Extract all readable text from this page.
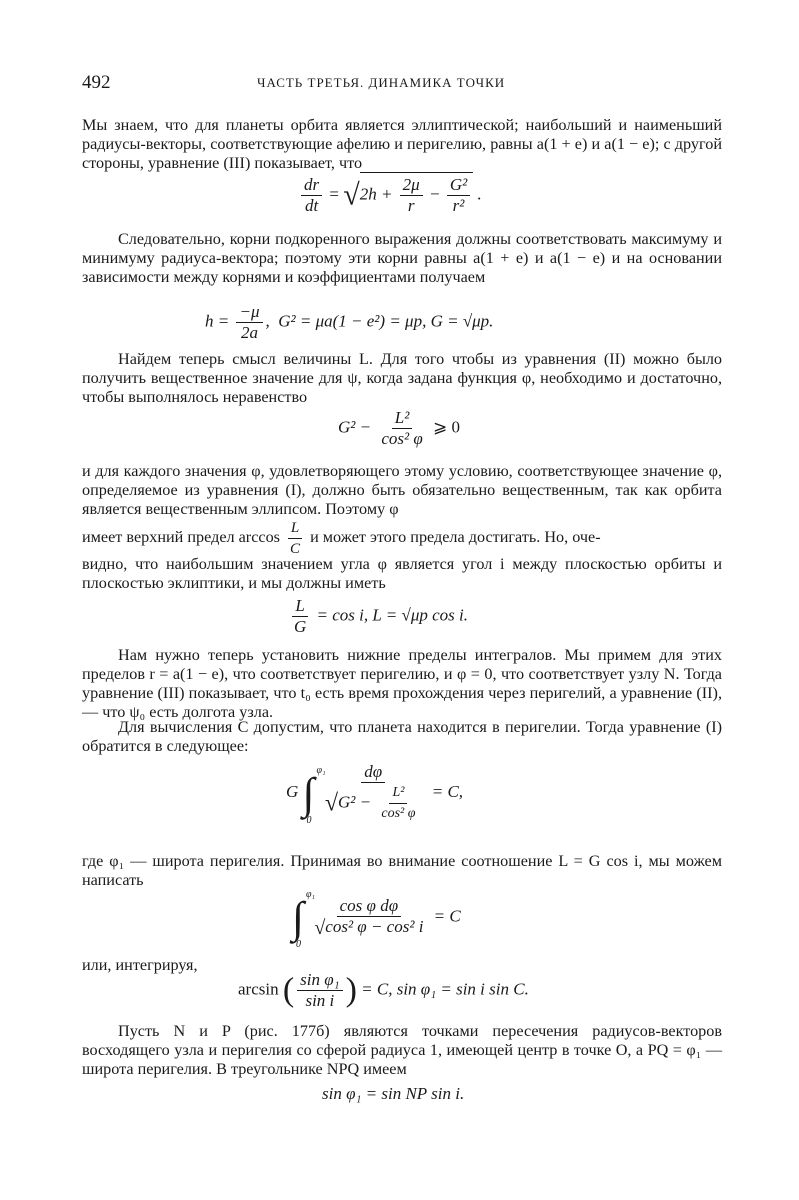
492	ЧАСТЬ ТРЕТЬЯ. ДИНАМИКА ТОЧКИ

Мы знаем, что для планеты орбита является эллиптической; наибольший и наименьший радиусы-векторы, соответствующие афелию и перигелию, равны a(1 + e) и a(1 − e); с другой стороны, уравнение (III) показывает, что

$\frac{dr}{dt} = √2h + \frac{2\mu}{r} - \frac{\text{G²}}{\text{r²}}$ .

Следовательно, корни подкоренного выражения должны соответствовать максимуму и минимуму радиуса-вектора; поэтому эти корни равны a(1 + e) и a(1 − e) и на основании зависимости между корнями и коэффициентами получаем

$h = \frac{-\mu}{2a}$ ,  G² = μa(1 − e²) = μp, G = √μp.

Найдем теперь смысл величины L. Для того чтобы из уравнения (II) можно было получить вещественное значение для ψ, когда задана функция φ, необходимо и достаточно, чтобы выполнялось неравенство

$G^2 - \frac{\text{L²}}{\text{cos² φ}}$ ⩾ 0

и для каждого значения φ, удовлетворяющего этому условию, соответствующее значение φ, определяемое из уравнения (I), должно быть обязательно вещественным, так как орбита является вещественным эллипсом. Поэтому φ

имеет верхний предел $\arccos \frac{L}{C}$ и может этого предела достигать. Но, оче-

видно, что наибольшим значением угла φ является угол i между плоскостью орбиты и плоскостью эклиптики, и мы должны иметь

$\frac{L}{G} = \cos i$, L = √μp cos i.

Нам нужно теперь установить нижние пределы интегралов. Мы примем для этих пределов r = a(1 − e), что соответствует перигелию, и φ = 0, что соответствует узлу N. Тогда уравнение (III) показывает, что t₀ есть время прохождения через перигелий, а уравнение (II), — что ψ₀ есть долгота узла.

Для вычисления C допустим, что планета находится в перигелии. Тогда уравнение (I) обратится в следующее:

G ∫ φ₁
0
$\frac{d\varphi}{√G^2 - \frac{\text{L²}}{\text{cos² φ}}} = C$,

где φ₁ — широта перигелия. Принимая во внимание соотношение L = G cos i, мы можем написать

∫ φ₁
0

$\frac{\text{cos φ dφ}}{\text{√cos² φ − cos² i}} = C$

или, интегрируя,

arcsin ( $\frac{\text{sin φ₁}}{\text{sin i}}$ ) = C, sin φ₁ = sin i sin C.

Пусть N и P (рис. 177б) являются точками пересечения радиусов-векторов восходящего узла и перигелия со сферой радиуса 1, имеющей центр в точке O, а PQ = φ₁ — широта перигелия. В треугольнике NPQ имеем

sin φ₁ = sin NP sin i.
